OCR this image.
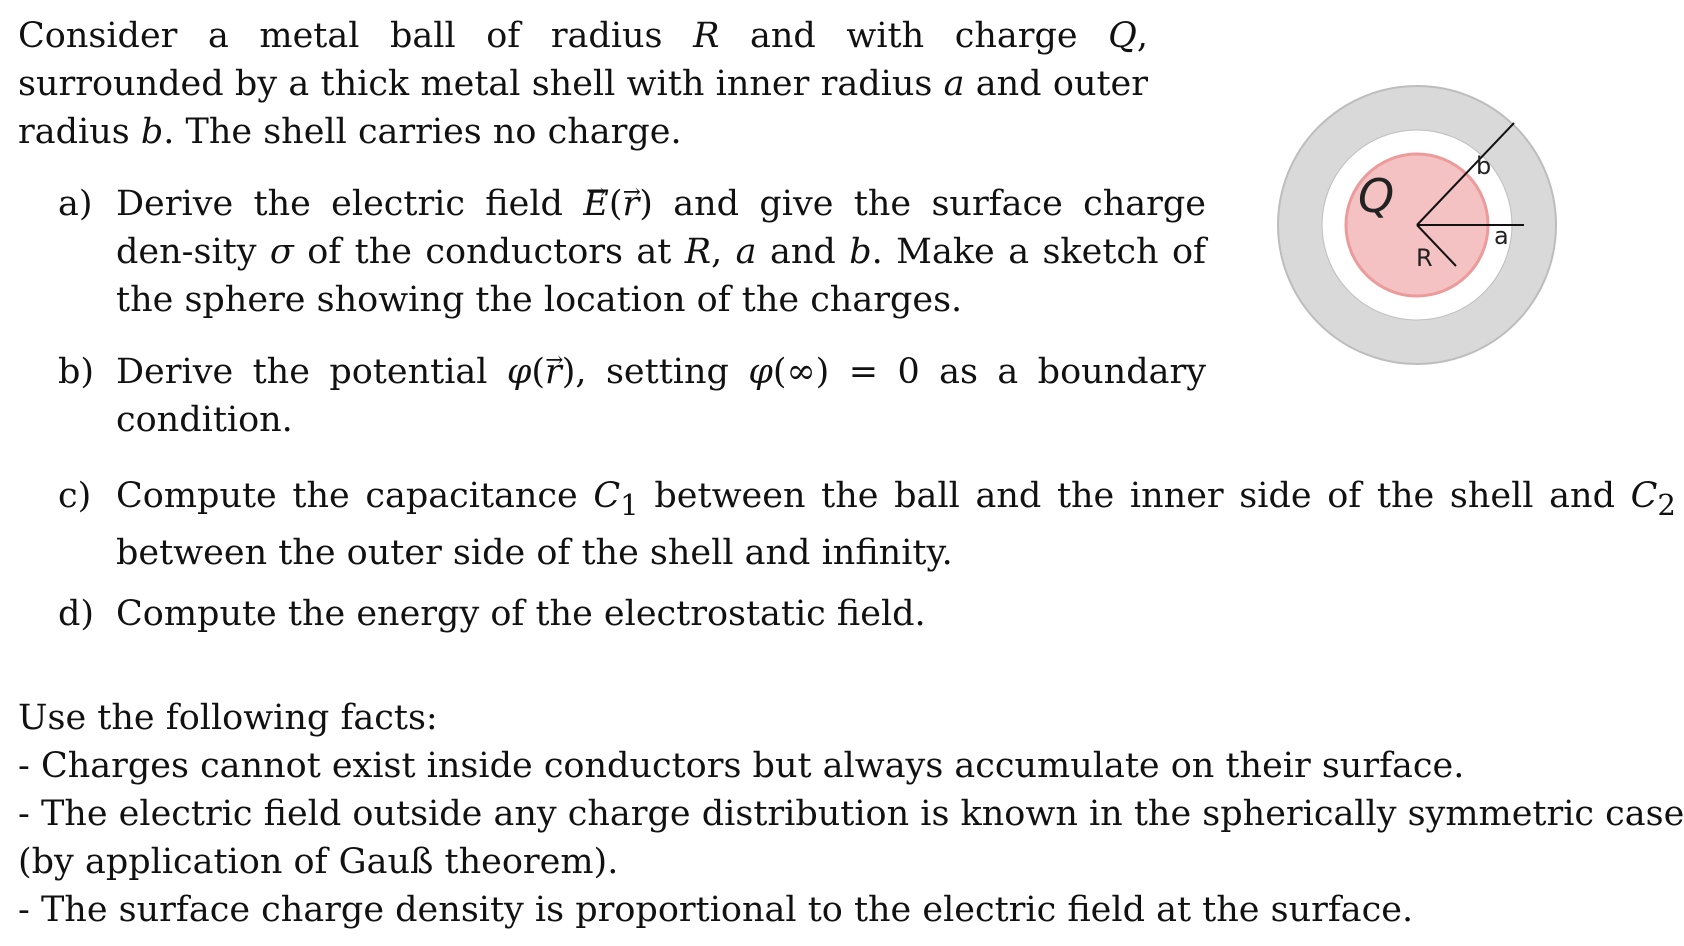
Consider a metal ball of radius R and with charge Q, surrounded by a thick metal shell with inner radius a and outer radius b. The shell carries no charge.
a) Derive the electric field → E(→ r) and give the surface charge den-sity σ of the conductors at R, a and b. Make a sketch of the sphere showing the location of the charges.
b) Derive the potential φ(→ r), setting φ(∞) = 0 as a boundary condition.
c) Compute the capacitance $C_1$ between the ball and the inner side of the shell and $C_2$ between the outer side of the shell and infinity.
d) Compute the energy of the electrostatic field.
Use the following facts:
- Charges cannot exist inside conductors but always accumulate on their surface.
- The electric field outside any charge distribution is known in the spherically symmetric case
(by application of Gauß theorem).
- The surface charge density is proportional to the electric field at the surface.
Q
R
a
b
